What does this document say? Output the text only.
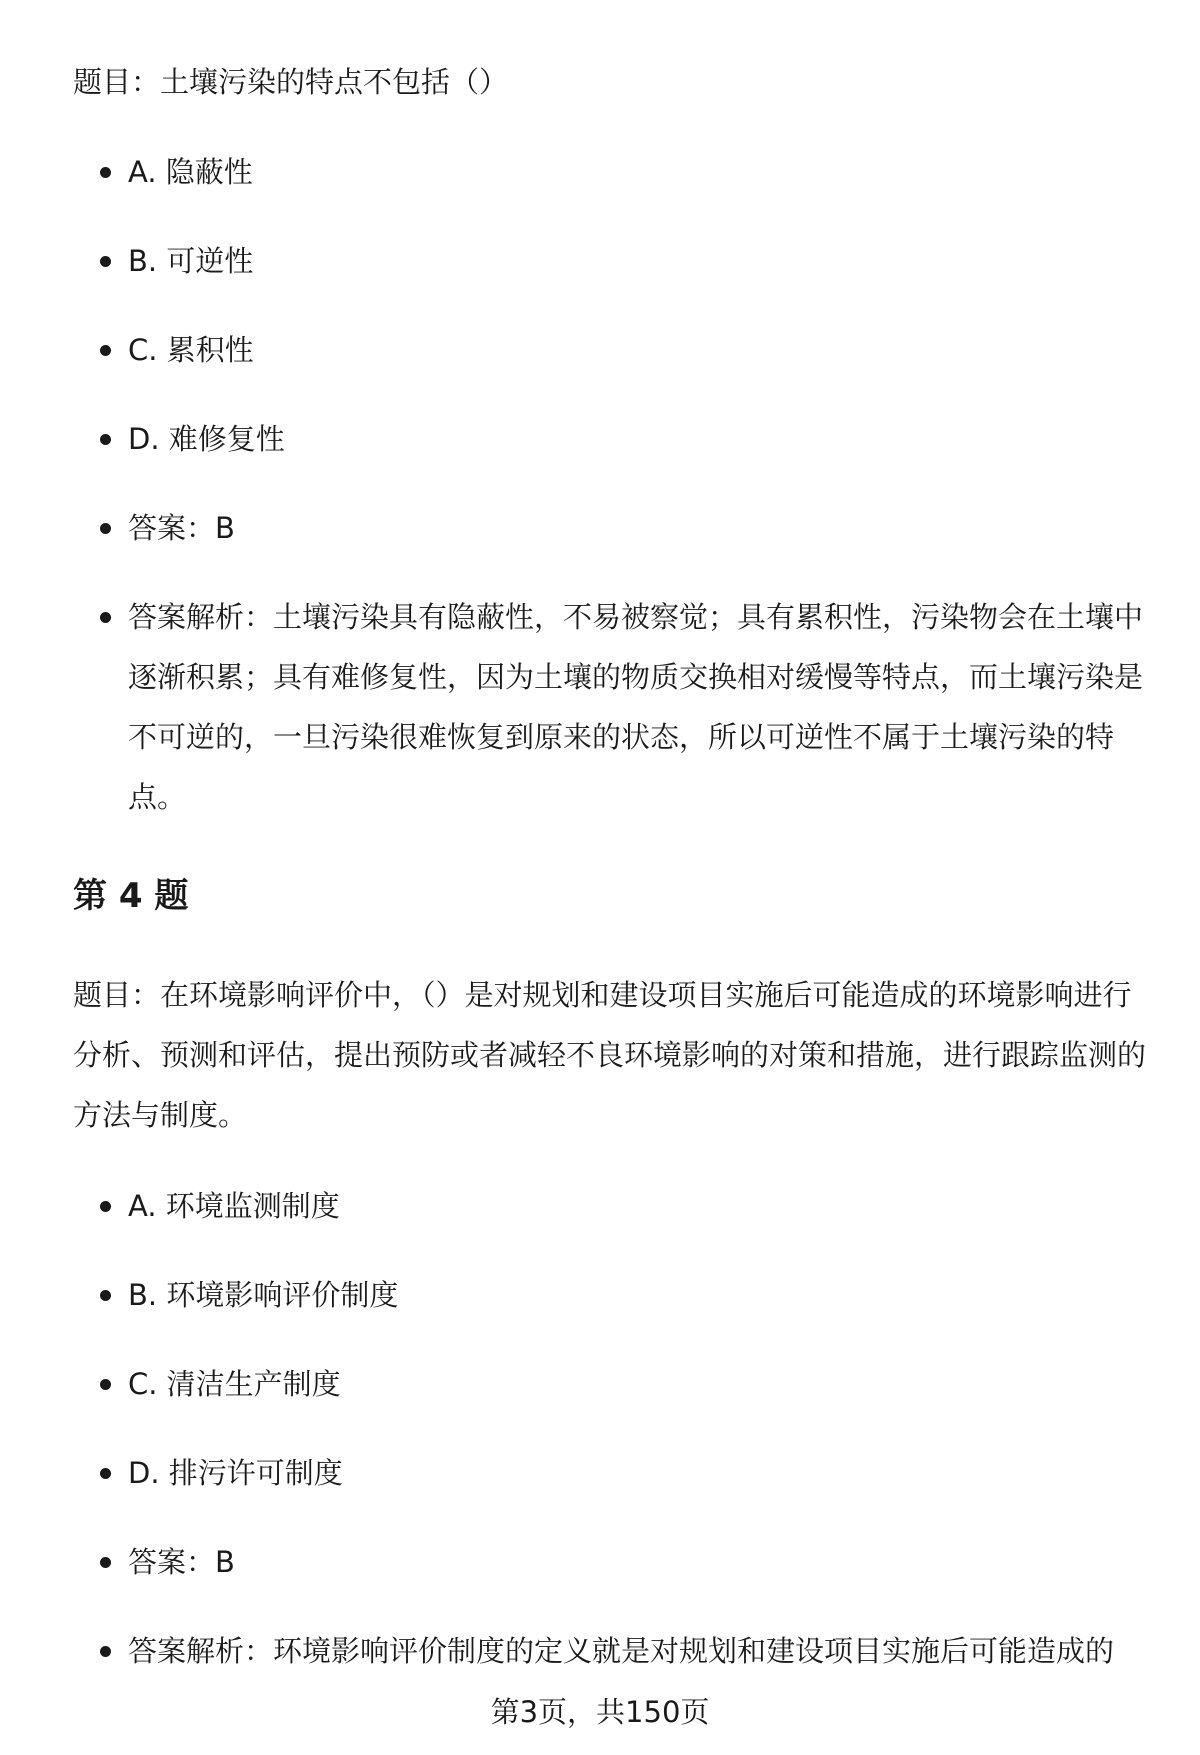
题目：土壤污染的特点不包括（）

A. 隐蔽性
B. 可逆性
C. 累积性
D. 难修复性
答案：B
答案解析：土壤污染具有隐蔽性，不易被察觉；具有累积性，污染物会在土壤中逐渐积累；具有难修复性，因为土壤的物质交换相对缓慢等特点，而土壤污染是不可逆的，一旦污染很难恢复到原来的状态，所以可逆性不属于土壤污染的特点。
第 4 题

题目：在环境影响评价中，（）是对规划和建设项目实施后可能造成的环境影响进行分析、预测和评估，提出预防或者减轻不良环境影响的对策和措施，进行跟踪监测的方法与制度。

A. 环境监测制度
B. 环境影响评价制度
C. 清洁生产制度
D. 排污许可制度
答案：B
答案解析：环境影响评价制度的定义就是对规划和建设项目实施后可能造成的
第3页，共150页
